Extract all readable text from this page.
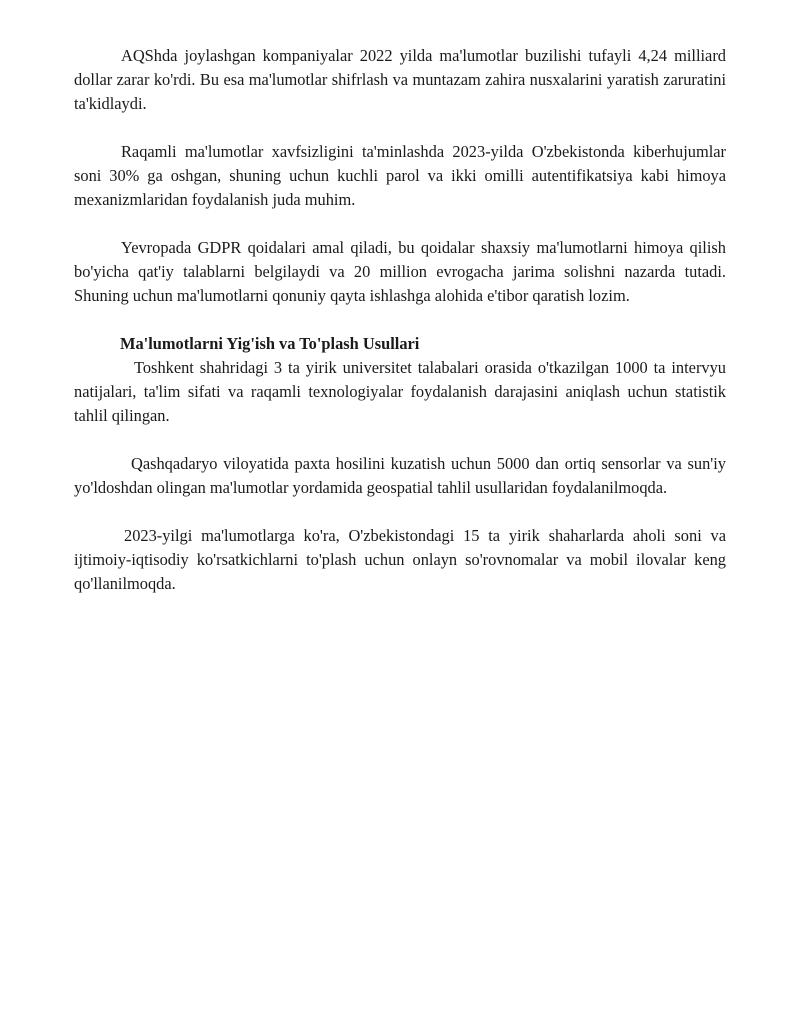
AQShda joylashgan kompaniyalar 2022 yilda ma'lumotlar buzilishi tufayli 4,24 milliard dollar zarar ko'rdi. Bu esa ma'lumotlar shifrlash va muntazam zahira nusxalarini yaratish zaruratini ta'kidlaydi.

Raqamli ma'lumotlar xavfsizligini ta'minlashda 2023-yilda O'zbekistonda kiberhujumlar soni 30% ga oshgan, shuning uchun kuchli parol va ikki omilli autentifikatsiya kabi himoya mexanizmlaridan foydalanish juda muhim.

Yevropada GDPR qoidalari amal qiladi, bu qoidalar shaxsiy ma'lumotlarni himoya qilish bo'yicha qat'iy talablarni belgilaydi va 20 million evrogacha jarima solishni nazarda tutadi. Shuning uchun ma'lumotlarni qonuniy qayta ishlashga alohida e'tibor qaratish lozim.

Ma'lumotlarni Yig'ish va To'plash Usullari

Toshkent shahridagi 3 ta yirik universitet talabalari orasida o'tkazilgan 1000 ta intervyu natijalari, ta'lim sifati va raqamli texnologiyalar foydalanish darajasini aniqlash uchun statistik tahlil qilingan.

Qashqadaryo viloyatida paxta hosilini kuzatish uchun 5000 dan ortiq sensorlar va sun'iy yo'ldoshdan olingan ma'lumotlar yordamida geospatial tahlil usullaridan foydalanilmoqda.

2023-yilgi ma'lumotlarga ko'ra, O'zbekistondagi 15 ta yirik shaharlarda aholi soni va ijtimoiy-iqtisodiy ko'rsatkichlarni to'plash uchun onlayn so'rovnomalar va mobil ilovalar keng qo'llanilmoqda.
